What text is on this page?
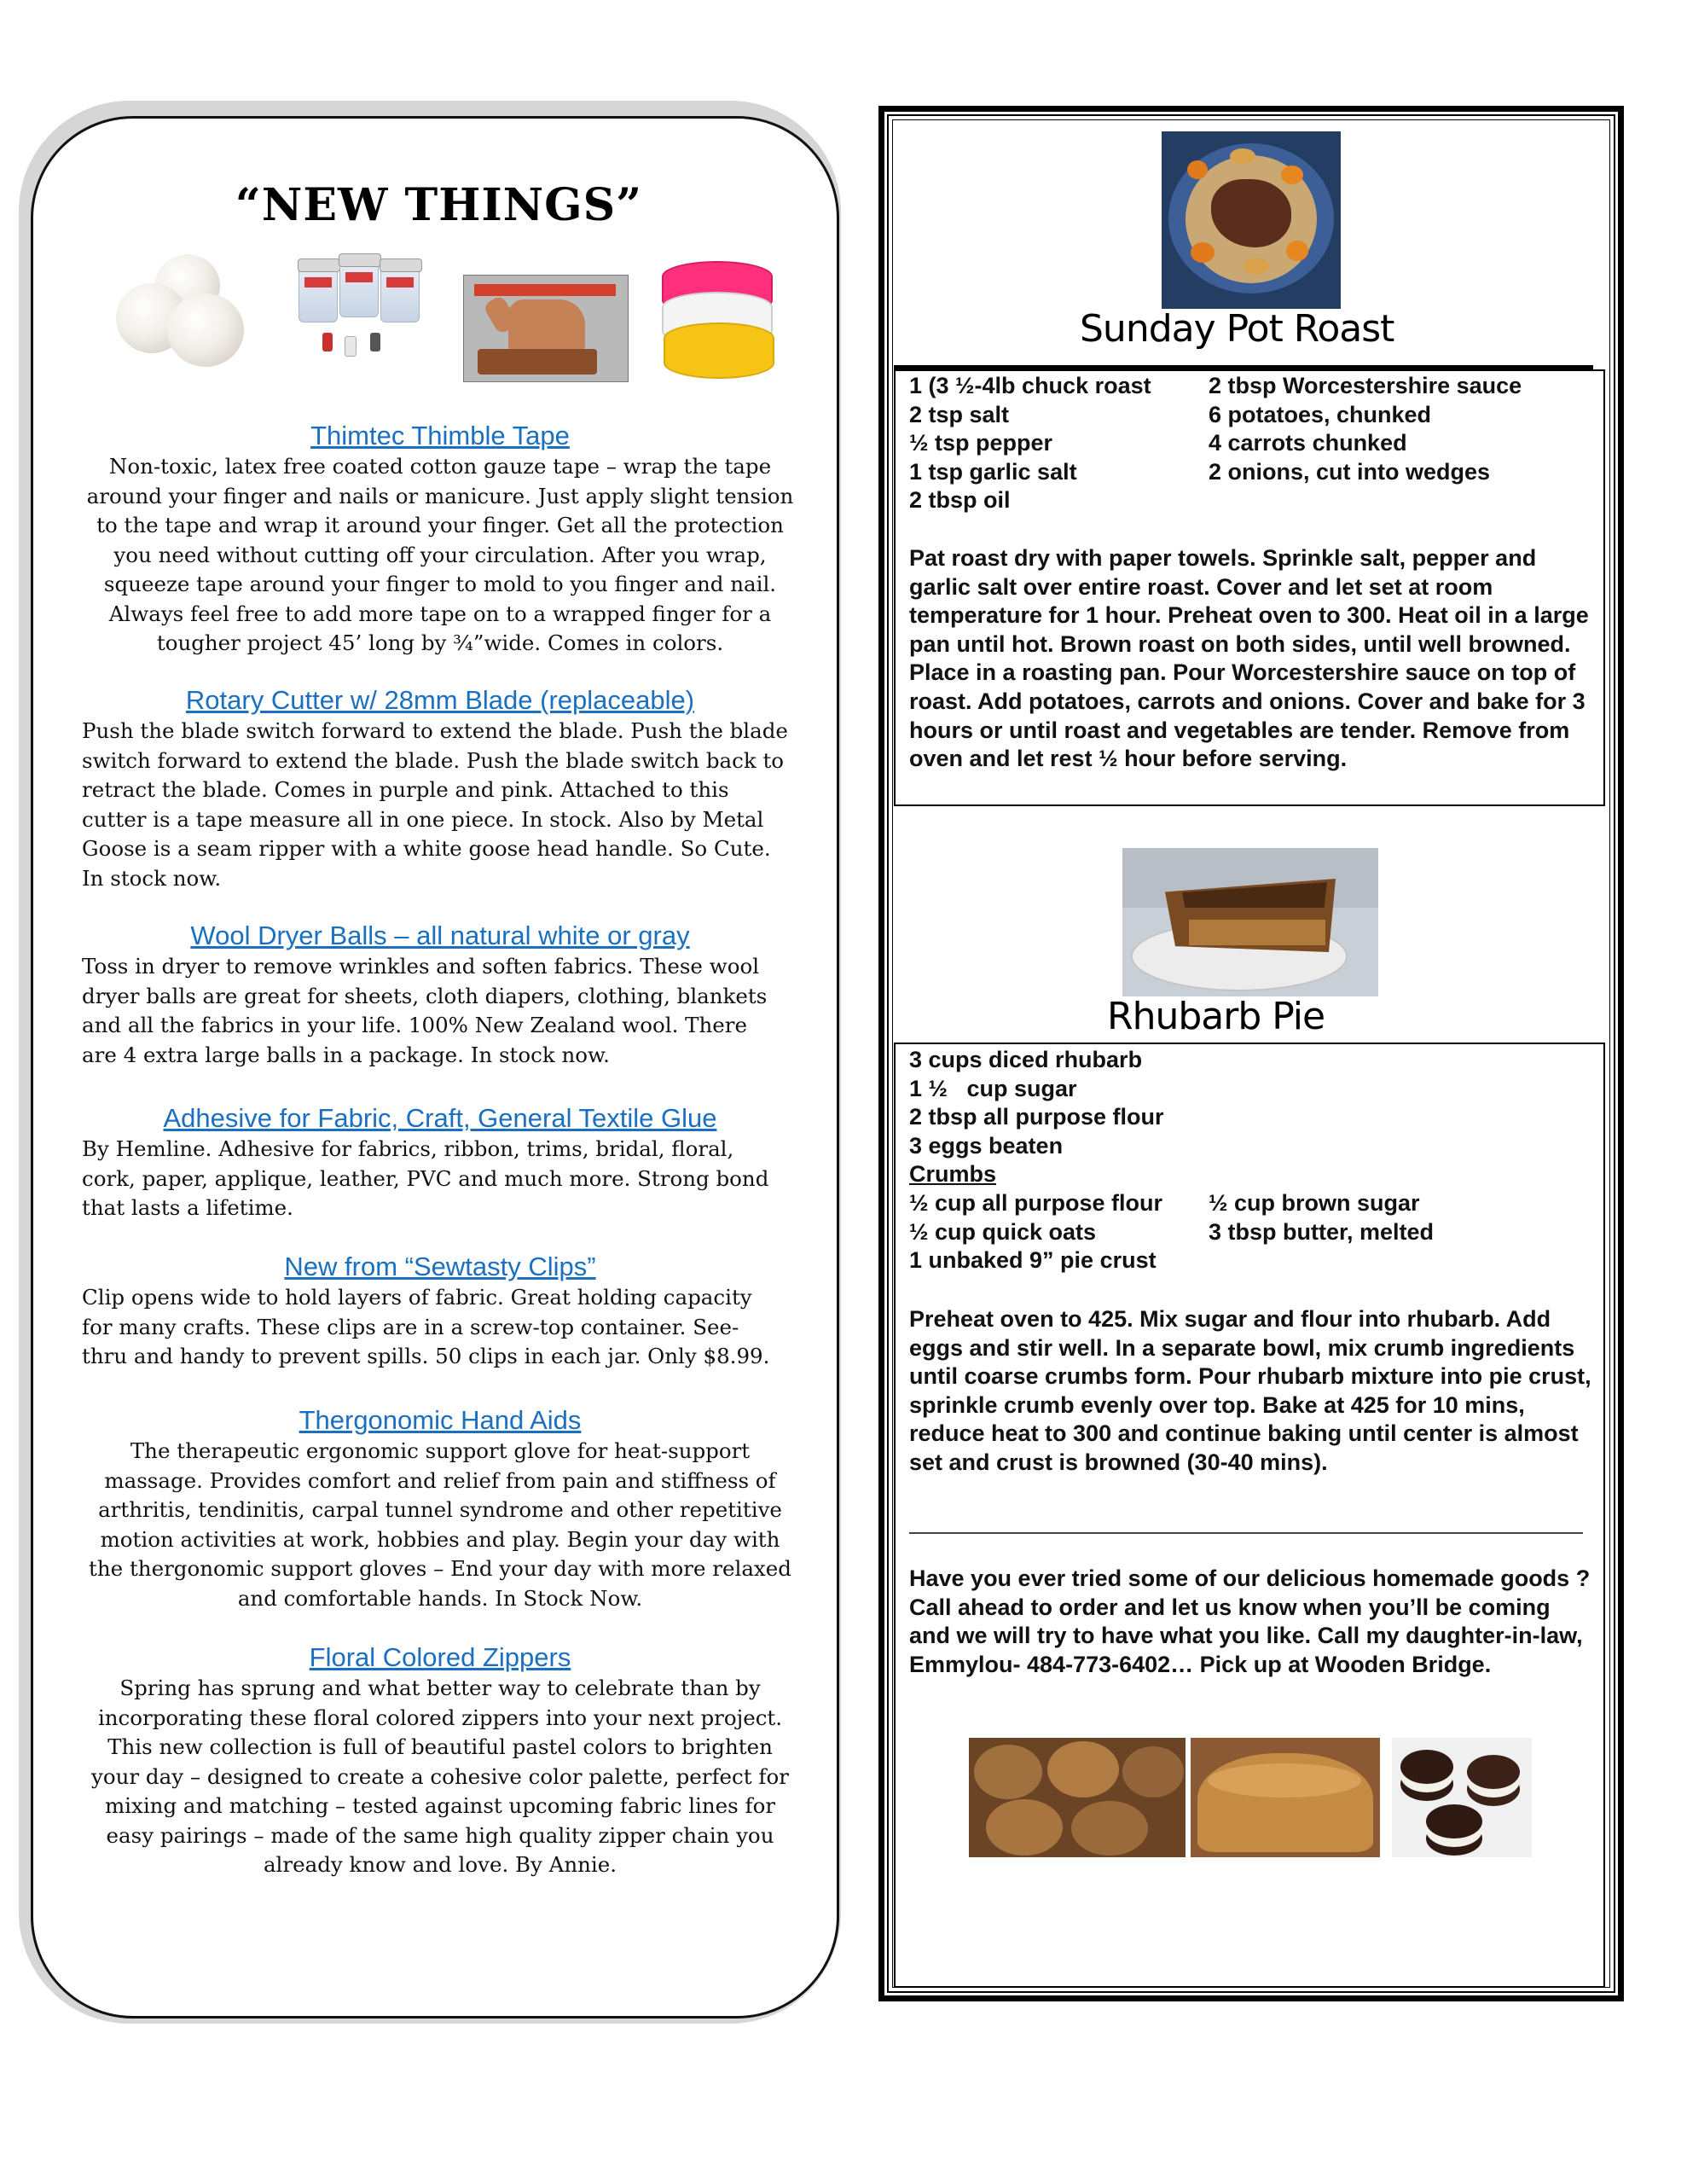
“NEW THINGS”

Thimtec Thimble Tape

Non-toxic, latex free coated cotton gauze tape – wrap the tape around your finger and nails or manicure. Just apply slight tension to the tape and wrap it around your finger. Get all the protection you need without cutting off your circulation. After you wrap, squeeze tape around your finger to mold to you finger and nail. Always feel free to add more tape on to a wrapped finger for a tougher project 45’ long by ¾”wide. Comes in colors.

Rotary Cutter w/ 28mm Blade (replaceable)

Push the blade switch forward to extend the blade. Push the blade switch forward to extend the blade. Push the blade switch back to retract the blade. Comes in purple and pink. Attached to this cutter is a tape measure all in one piece. In stock. Also by Metal Goose is a seam ripper with a white goose head handle. So Cute. In stock now.

Wool Dryer Balls – all natural white or gray

Toss in dryer to remove wrinkles and soften fabrics. These wool dryer balls are great for sheets, cloth diapers, clothing, blankets and all the fabrics in your life. 100% New Zealand wool. There are 4 extra large balls in a package. In stock now.

Adhesive for Fabric, Craft, General Textile Glue

By Hemline. Adhesive for fabrics, ribbon, trims, bridal, floral, cork, paper, applique, leather, PVC and much more. Strong bond that lasts a lifetime.

New from “Sewtasty Clips”

Clip opens wide to hold layers of fabric. Great holding capacity for many crafts. These clips are in a screw-top container. See-thru and handy to prevent spills. 50 clips in each jar. Only $8.99.

Thergonomic Hand Aids

The therapeutic ergonomic support glove for heat-support massage. Provides comfort and relief from pain and stiffness of arthritis, tendinitis, carpal tunnel syndrome and other repetitive motion activities at work, hobbies and play. Begin your day with the thergonomic support gloves – End your day with more relaxed and comfortable hands. In Stock Now.

Floral Colored Zippers

Spring has sprung and what better way to celebrate than by incorporating these floral colored zippers into your next project. This new collection is full of beautiful pastel colors to brighten your day – designed to create a cohesive color palette, perfect for mixing and matching – tested against upcoming fabric lines for easy pairings – made of the same high quality zipper chain you already know and love. By Annie.

Sunday Pot Roast

1 (3 ½-4lb chuck roast

2 tsp salt

½ tsp pepper

1 tsp garlic salt

2 tbsp oil

2 tbsp Worcestershire sauce

6 potatoes, chunked

4 carrots chunked

2 onions, cut into wedges

Pat roast dry with paper towels. Sprinkle salt, pepper and garlic salt over entire roast. Cover and let set at room temperature for 1 hour. Preheat oven to 300. Heat oil in a large pan until hot. Brown roast on both sides, until well browned. Place in a roasting pan. Pour Worcestershire sauce on top of roast. Add potatoes, carrots and onions. Cover and bake for 3 hours or until roast and vegetables are tender. Remove from oven and let rest ½ hour before serving.

Rhubarb Pie

3 cups diced rhubarb

1 ½   cup sugar

2 tbsp all purpose flour

3 eggs beaten

Crumbs

½ cup all purpose flour

½ cup quick oats

1 unbaked 9” pie crust

½ cup brown sugar

3 tbsp butter, melted

Preheat oven to 425. Mix sugar and flour into rhubarb. Add eggs and stir well. In a separate bowl, mix crumb ingredients until coarse crumbs form. Pour rhubarb mixture into pie crust, sprinkle crumb evenly over top. Bake at 425 for 10 mins, reduce heat to 300 and continue baking until center is almost set and crust is browned (30-40 mins).

Have you ever tried some of our delicious homemade goods ? Call ahead to order and let us know when you’ll be coming and we will try to have what you like. Call my daughter-in-law, Emmylou- 484-773-6402… Pick up at Wooden Bridge.
